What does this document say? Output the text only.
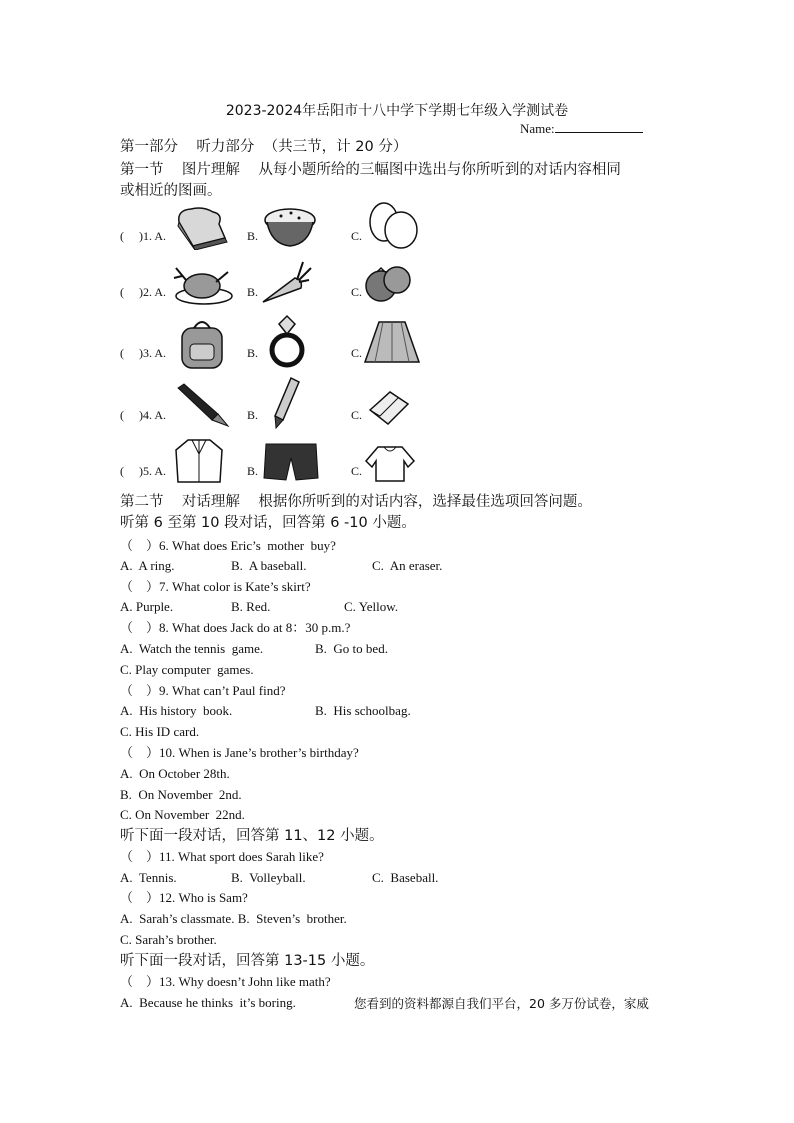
2023-2024年岳阳市十八中学下学期七年级入学测试卷
Name:
第一部分    听力部分  （共三节，计 20 分）
第一节    图片理解    从每小题所给的三幅图中选出与你所听到的对话内容相同
或相近的图画。
(     )1. A.	B.	C.
(     )2. A.	B.	C.
(     )3. A.	B.	C.
(     )4. A.	B.	C.
(     )5. A.	B.	C.
第二节    对话理解    根据你所听到的对话内容，选择最佳选项回答问题。
听第 6 至第 10 段对话，回答第 6 -10 小题。
（    ）6. What does Eric’s  mother  buy?
A.  A ring.	B.  A baseball.	C.  An eraser.
（    ）7. What color is Kate’s skirt?
A. Purple.	B. Red.	C. Yellow.
（    ）8. What does Jack do at 8：30 p.m.?
A.  Watch the tennis  game.	B.  Go to bed.
C. Play computer  games.
（    ）9. What can’t Paul find?
A.  His history  book.	B.  His schoolbag.
C. His ID card.
（    ）10. When is Jane’s brother’s birthday?
A.  On October 28th.
B.  On November  2nd.
C. On November  22nd.
听下面一段对话，回答第 11、12 小题。
（    ）11. What sport does Sarah like?
A.  Tennis.	B.  Volleyball.	C.  Baseball.
（    ）12. Who is Sam?
A.  Sarah’s classmate. B.  Steven’s  brother.
C. Sarah’s brother.
听下面一段对话，回答第 13-15 小题。
（    ）13. Why doesn’t John like math?
A.  Because he thinks  it’s boring.	您看到的资料都源自我们平台，20 多万份试卷，家威
